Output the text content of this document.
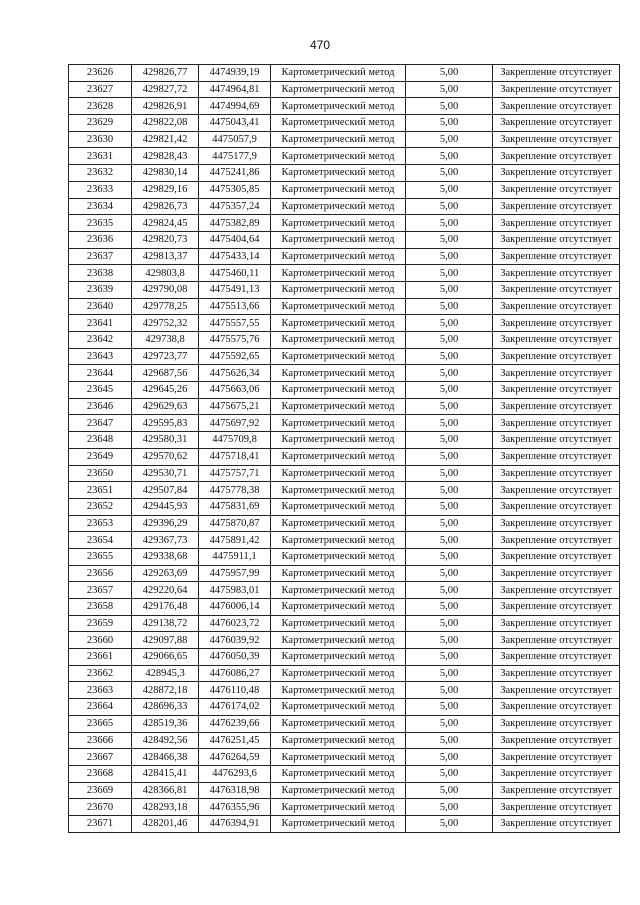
470
23626	429826,77	4474939,19	Картометрический метод	5,00	Закрепление отсутствует
23627	429827,72	4474964,81	Картометрический метод	5,00	Закрепление отсутствует
23628	429826,91	4474994,69	Картометрический метод	5,00	Закрепление отсутствует
23629	429822,08	4475043,41	Картометрический метод	5,00	Закрепление отсутствует
23630	429821,42	4475057,9	Картометрический метод	5,00	Закрепление отсутствует
23631	429828,43	4475177,9	Картометрический метод	5,00	Закрепление отсутствует
23632	429830,14	4475241,86	Картометрический метод	5,00	Закрепление отсутствует
23633	429829,16	4475305,85	Картометрический метод	5,00	Закрепление отсутствует
23634	429826,73	4475357,24	Картометрический метод	5,00	Закрепление отсутствует
23635	429824,45	4475382,89	Картометрический метод	5,00	Закрепление отсутствует
23636	429820,73	4475404,64	Картометрический метод	5,00	Закрепление отсутствует
23637	429813,37	4475433,14	Картометрический метод	5,00	Закрепление отсутствует
23638	429803,8	4475460,11	Картометрический метод	5,00	Закрепление отсутствует
23639	429790,08	4475491,13	Картометрический метод	5,00	Закрепление отсутствует
23640	429778,25	4475513,66	Картометрический метод	5,00	Закрепление отсутствует
23641	429752,32	4475557,55	Картометрический метод	5,00	Закрепление отсутствует
23642	429738,8	4475575,76	Картометрический метод	5,00	Закрепление отсутствует
23643	429723,77	4475592,65	Картометрический метод	5,00	Закрепление отсутствует
23644	429687,56	4475626,34	Картометрический метод	5,00	Закрепление отсутствует
23645	429645,26	4475663,06	Картометрический метод	5,00	Закрепление отсутствует
23646	429629,63	4475675,21	Картометрический метод	5,00	Закрепление отсутствует
23647	429595,83	4475697,92	Картометрический метод	5,00	Закрепление отсутствует
23648	429580,31	4475709,8	Картометрический метод	5,00	Закрепление отсутствует
23649	429570,62	4475718,41	Картометрический метод	5,00	Закрепление отсутствует
23650	429530,71	4475757,71	Картометрический метод	5,00	Закрепление отсутствует
23651	429507,84	4475778,38	Картометрический метод	5,00	Закрепление отсутствует
23652	429445,93	4475831,69	Картометрический метод	5,00	Закрепление отсутствует
23653	429396,29	4475870,87	Картометрический метод	5,00	Закрепление отсутствует
23654	429367,73	4475891,42	Картометрический метод	5,00	Закрепление отсутствует
23655	429338,68	4475911,1	Картометрический метод	5,00	Закрепление отсутствует
23656	429263,69	4475957,99	Картометрический метод	5,00	Закрепление отсутствует
23657	429220,64	4475983,01	Картометрический метод	5,00	Закрепление отсутствует
23658	429176,48	4476006,14	Картометрический метод	5,00	Закрепление отсутствует
23659	429138,72	4476023,72	Картометрический метод	5,00	Закрепление отсутствует
23660	429097,88	4476039,92	Картометрический метод	5,00	Закрепление отсутствует
23661	429066,65	4476050,39	Картометрический метод	5,00	Закрепление отсутствует
23662	428945,3	4476086,27	Картометрический метод	5,00	Закрепление отсутствует
23663	428872,18	4476110,48	Картометрический метод	5,00	Закрепление отсутствует
23664	428696,33	4476174,02	Картометрический метод	5,00	Закрепление отсутствует
23665	428519,36	4476239,66	Картометрический метод	5,00	Закрепление отсутствует
23666	428492,56	4476251,45	Картометрический метод	5,00	Закрепление отсутствует
23667	428466,38	4476264,59	Картометрический метод	5,00	Закрепление отсутствует
23668	428415,41	4476293,6	Картометрический метод	5,00	Закрепление отсутствует
23669	428366,81	4476318,98	Картометрический метод	5,00	Закрепление отсутствует
23670	428293,18	4476355,96	Картометрический метод	5,00	Закрепление отсутствует
23671	428201,46	4476394,91	Картометрический метод	5,00	Закрепление отсутствует
